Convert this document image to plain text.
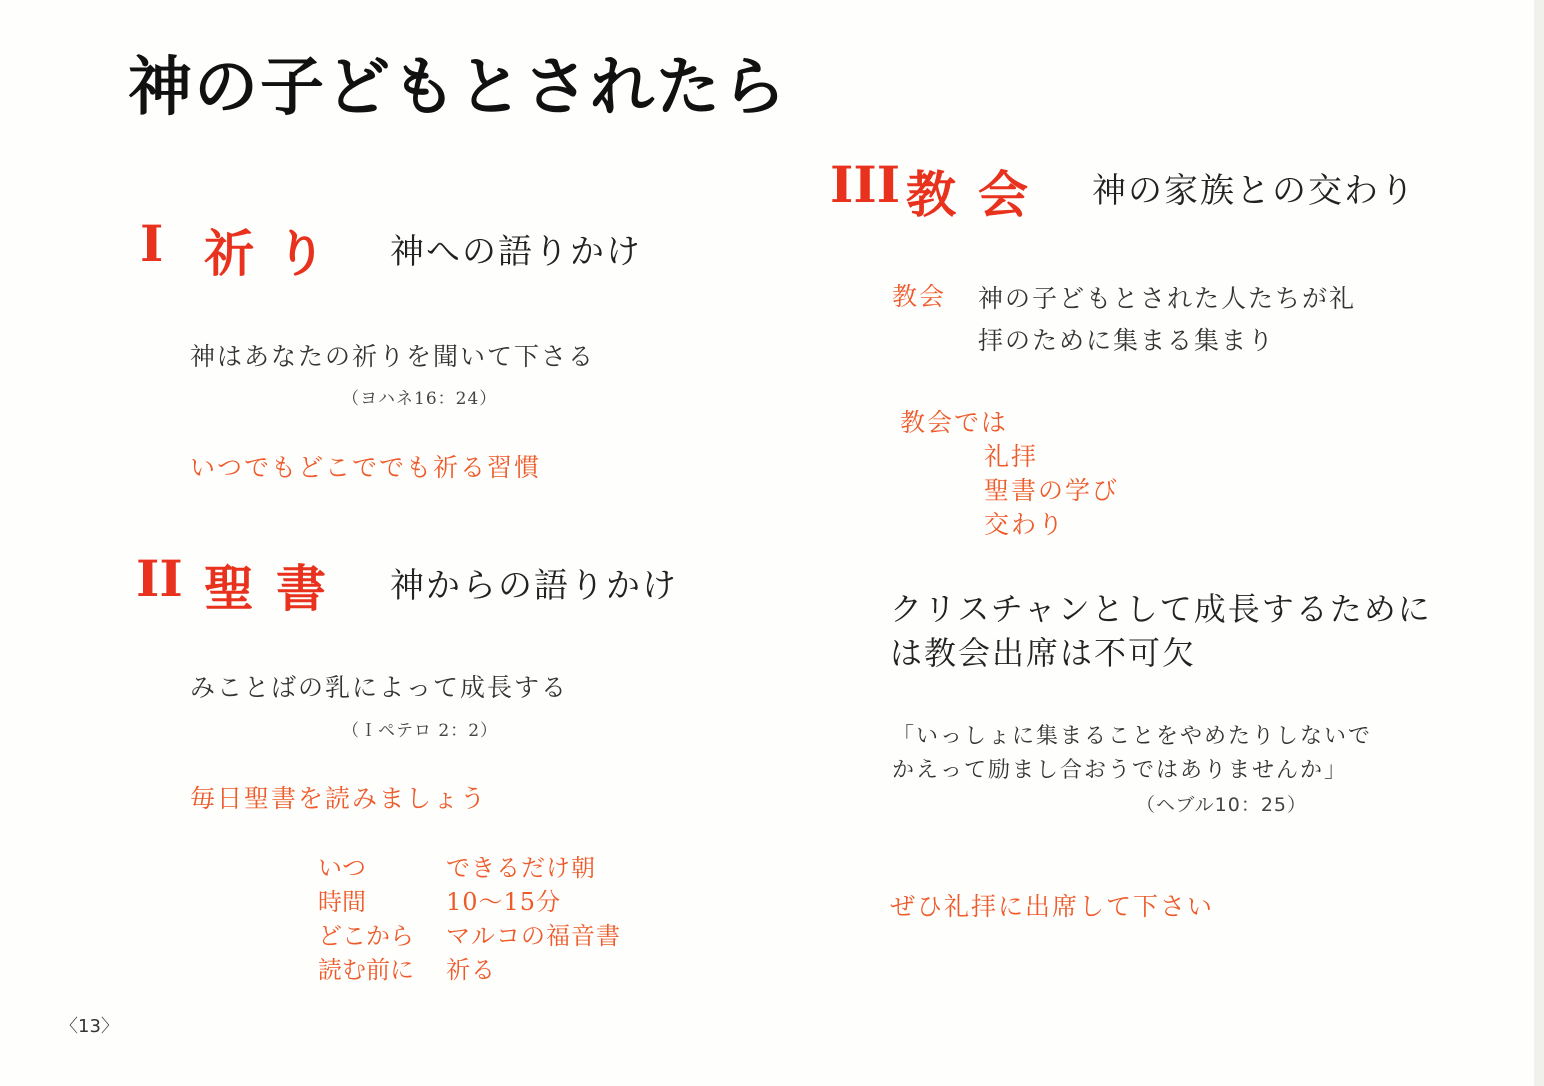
神の子どもとされたら
I 祈り 神への語りかけ
神はあなたの祈りを聞いて下さる
（ヨハネ16：24）
いつでもどこででも祈る習慣
II 聖書 神からの語りかけ
みことばの乳によって成長する
（Ｉペテロ 2：2）
毎日聖書を読みましょう
いつ	できるだけ朝
時間	10〜15分
どこから マルコの福音書
読む前に 祈る
III 教会 神の家族との交わり
教会 神の子どもとされた人たちが礼
拝のために集まる集まり
教会では
礼拝
聖書の学び
交わり
クリスチャンとして成長するために
は教会出席は不可欠
「いっしょに集まることをやめたりしないで
かえって励まし合おうではありませんか」
（ヘブル10：25）
ぜひ礼拝に出席して下さい
〈13〉
